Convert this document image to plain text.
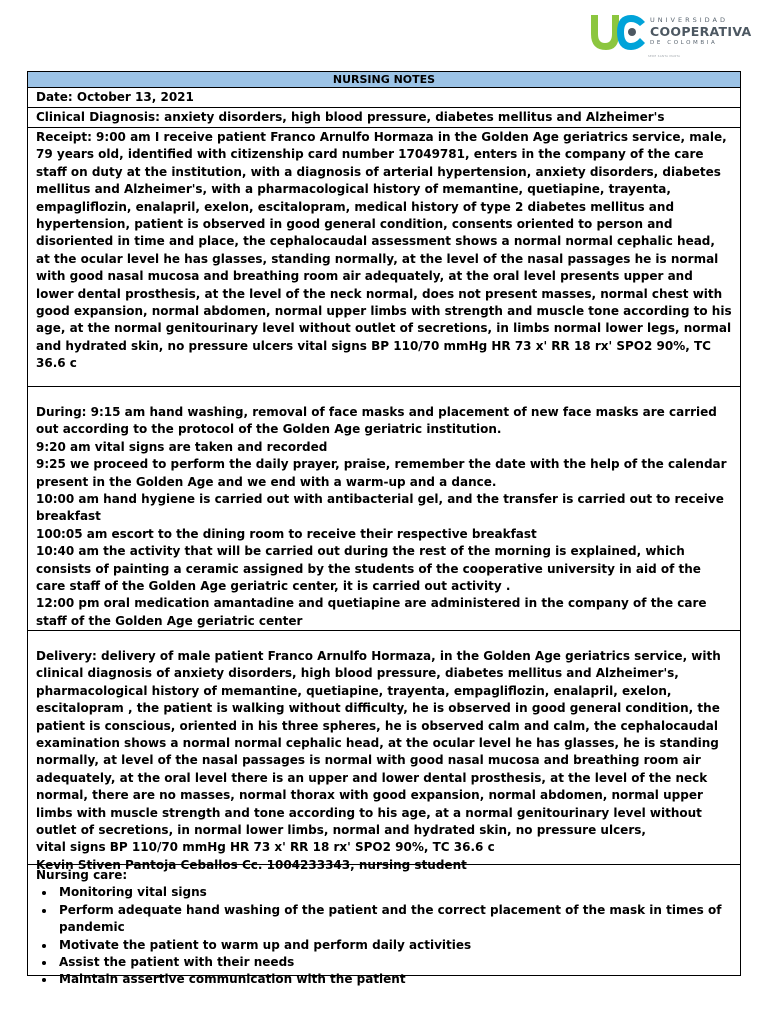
UNIVERSIDAD
COOPERATIVA
DE COLOMBIA
SEDE SANTA MARTA
NURSING NOTES
Date: October 13, 2021
Clinical Diagnosis: anxiety disorders, high blood pressure, diabetes mellitus and Alzheimer's
Receipt: 9:00 am I receive patient Franco Arnulfo Hormaza in the Golden Age geriatrics service, male, 79 years old, identified with citizenship card number 17049781, enters in the company of the care staff on duty at the institution, with a diagnosis of arterial hypertension, anxiety disorders, diabetes mellitus and Alzheimer's, with a pharmacological history of memantine, quetiapine, trayenta, empagliflozin, enalapril, exelon, escitalopram, medical history of type 2 diabetes mellitus and hypertension, patient is observed in good general condition, consents oriented to person and disoriented in time and place, the cephalocaudal assessment shows a normal normal cephalic head, at the ocular level he has glasses, standing normally, at the level of the nasal passages he is normal with good nasal mucosa and breathing room air adequately, at the oral level presents upper and lower dental prosthesis, at the level of the neck normal, does not present masses, normal chest with good expansion, normal abdomen, normal upper limbs with strength and muscle tone according to his age, at the normal genitourinary level without outlet of secretions, in limbs normal lower legs, normal and hydrated skin, no pressure ulcers vital signs BP 110/70 mmHg HR 73 x' RR 18 rx' SPO2 90%, TC 36.6 c
During: 9:15 am hand washing, removal of face masks and placement of new face masks are carried out according to the protocol of the Golden Age geriatric institution.
9:20 am vital signs are taken and recorded
9:25 we proceed to perform the daily prayer, praise, remember the date with the help of the calendar present in the Golden Age and we end with a warm-up and a dance.
10:00 am hand hygiene is carried out with antibacterial gel, and the transfer is carried out to receive breakfast
100:05 am escort to the dining room to receive their respective breakfast
10:40 am the activity that will be carried out during the rest of the morning is explained, which consists of painting a ceramic assigned by the students of the cooperative university in aid of the care staff of the Golden Age geriatric center, it is carried out activity .
12:00 pm oral medication amantadine and quetiapine are administered in the company of the care staff of the Golden Age geriatric center
Delivery: delivery of male patient Franco Arnulfo Hormaza, in the Golden Age geriatrics service, with clinical diagnosis of anxiety disorders, high blood pressure, diabetes mellitus and Alzheimer's, pharmacological history of memantine, quetiapine, trayenta, empagliflozin, enalapril, exelon, escitalopram , the patient is walking without difficulty, he is observed in good general condition, the patient is conscious, oriented in his three spheres, he is observed calm and calm, the cephalocaudal examination shows a normal normal cephalic head, at the ocular level he has glasses, he is standing normally, at level of the nasal passages is normal with good nasal mucosa and breathing room air adequately, at the oral level there is an upper and lower dental prosthesis, at the level of the neck normal, there are no masses, normal thorax with good expansion, normal abdomen, normal upper limbs with muscle strength and tone according to his age, at a normal genitourinary level without outlet of secretions, in normal lower limbs, normal and hydrated skin, no pressure ulcers,
vital signs BP 110/70 mmHg HR 73 x' RR 18 rx' SPO2 90%, TC 36.6 c
Kevin Stiven Pantoja Ceballos Cc. 1004233343, nursing student
Nursing care:
Monitoring vital signs
Perform adequate hand washing of the patient and the correct placement of the mask in times of pandemic
Motivate the patient to warm up and perform daily activities
Assist the patient with their needs
Maintain assertive communication with the patient
